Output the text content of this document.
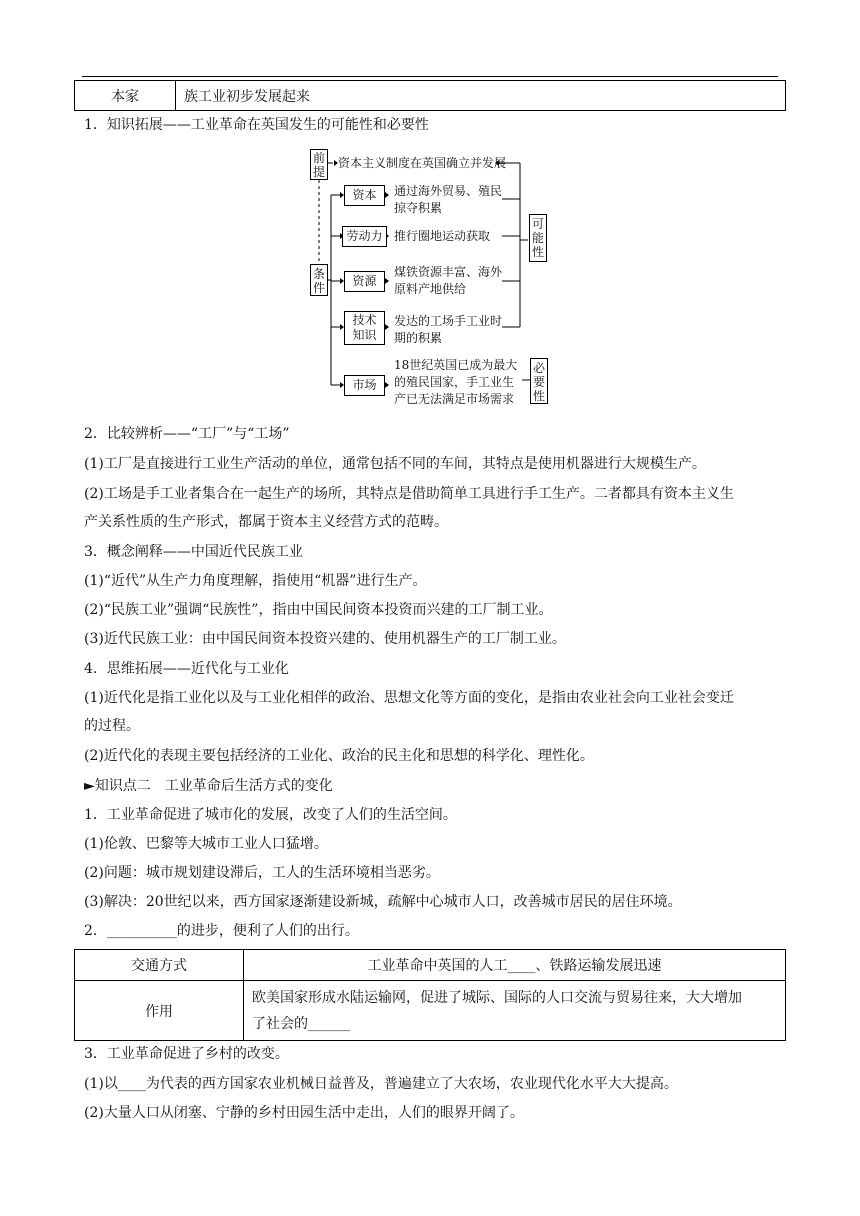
本家	族工业初步发展起来
1．知识拓展——工业革命在英国发生的可能性和必要性
前提
资本主义制度在英国确立并发展
条件
资本	通过海外贸易、殖民
掠夺积累
劳动力 推行圈地运动获取
资源
煤铁资源丰富、海外
原料产地供给
技术
知识
发达的工场手工业时
期的积累
市场
18世纪英国已成为最大
的殖民国家，手工业生
产已无法满足市场需求
可能性
必要性
2．比较辨析——“工厂”与“工场”
(1)工厂是直接进行工业生产活动的单位，通常包括不同的车间，其特点是使用机器进行大规模生产。
(2)工场是手工业者集合在一起生产的场所，其特点是借助简单工具进行手工生产。二者都具有资本主义生
产关系性质的生产形式，都属于资本主义经营方式的范畴。
3．概念阐释——中国近代民族工业
(1)“近代”从生产力角度理解，指使用“机器”进行生产。
(2)“民族工业”强调“民族性”，指由中国民间资本投资而兴建的工厂制工业。
(3)近代民族工业：由中国民间资本投资兴建的、使用机器生产的工厂制工业。
4．思维拓展——近代化与工业化
(1)近代化是指工业化以及与工业化相伴的政治、思想文化等方面的变化，是指由农业社会向工业社会变迁
的过程。
(2)近代化的表现主要包括经济的工业化、政治的民主化和思想的科学化、理性化。
►知识点二　工业革命后生活方式的变化
1．工业革命促进了城市化的发展，改变了人们的生活空间。
(1)伦敦、巴黎等大城市工业人口猛增。
(2)问题：城市规划建设滞后，工人的生活环境相当恶劣。
(3)解决：20世纪以来，西方国家逐渐建设新城，疏解中心城市人口，改善城市居民的居住环境。
2．__________的进步，便利了人们的出行。
交通方式	工业革命中英国的人工____、铁路运输发展迅速
作用	欧美国家形成水陆运输网，促进了城际、国际的人口交流与贸易往来，大大增加
了社会的______
3．工业革命促进了乡村的改变。
(1)以____为代表的西方国家农业机械日益普及，普遍建立了大农场，农业现代化水平大大提高。
(2)大量人口从闭塞、宁静的乡村田园生活中走出，人们的眼界开阔了。
